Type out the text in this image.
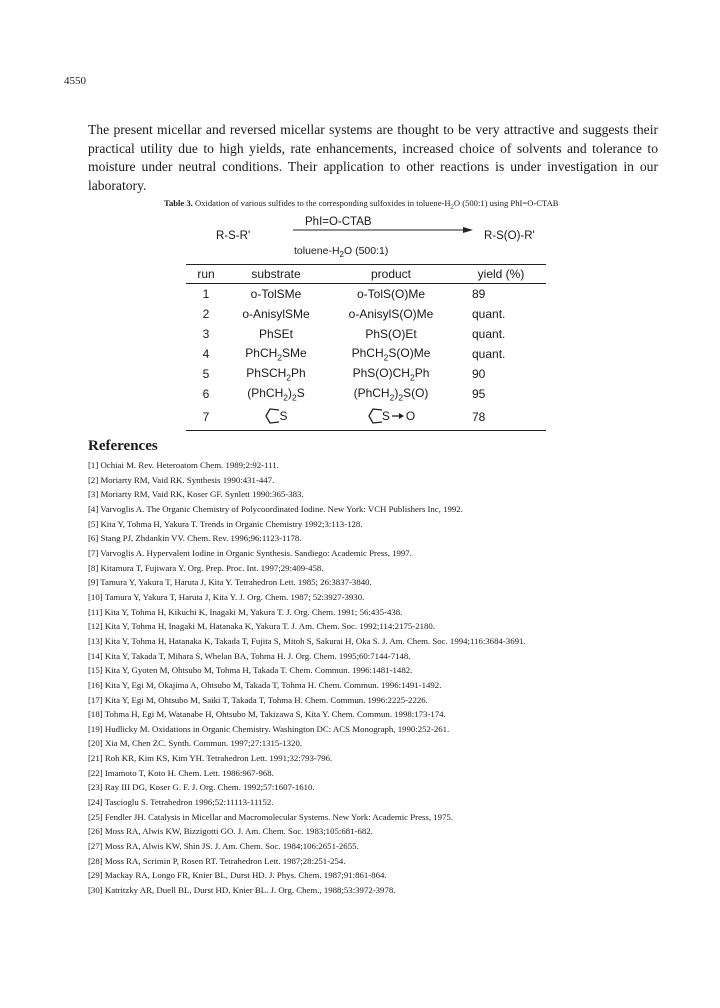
4550

The present micellar and reversed micellar systems are thought to be very attractive and suggests their practical utility due to high yields, rate enhancements, increased choice of solvents and tolerance to moisture under neutral conditions. Their application to other reactions is under investigation in our laboratory.

Table 3. Oxidation of various sulfides to the corresponding sulfoxides in toluene-$H_2O$ (500:1) using PhI=O-CTAB
R-S-R'
PhI=O-CTAB
toluene-$H_2O$ (500:1)
R-S(O)-R'
run	substrate	product	yield (%)
1	o-TolSMe	o-TolS(O)Me	89
2	o-AnisylSMe	o-AnisylS(O)Me	quant.
3	PhSEt	PhS(O)Et	quant.
4	PhCH$_2$SMe	PhCH$_2$S(O)Me	quant.
5	PhSCH$_2$Ph	$PhS(O)CH_2Ph$	90
6	$(PhCH_2)_2S$	$(PhCH_2)_2S(O)$	95
7	S	S O	78
References
[1] Ochiai M. Rev. Heteroatom Chem. 1989;2:92-111.
[2] Moriarty RM, Vaid RK. Synthesis 1990:431-447.
[3] Moriarty RM, Vaid RK, Koser GF. Synlett 1990:365-383.
[4] Varvoglis A. The Organic Chemistry of Polycoordinated Iodine. New York: VCH Publishers Inc, 1992.
[5] Kita Y, Tohma H, Yakura T. Trends in Organic Chemistry 1992;3:113-128.
[6] Stang PJ, Zhdankin VV. Chem. Rev. 1996;96:1123-1178.
[7] Varvoglis A. Hypervalent Iodine in Organic Synthesis. Sandiego: Academic Press, 1997.
[8] Kitamura T, Fujiwara Y. Org. Prep. Proc. Int. 1997;29:409-458.
[9] Tamura Y, Yakura T, Haruta J, Kita Y. Tetrahedron Lett. 1985; 26:3837-3840.
[10] Tamura Y, Yakura T, Haruta J, Kita Y. J. Org. Chem. 1987; 52:3927-3930.
[11] Kita Y, Tohma H, Kikuchi K, Inagaki M, Yakura T. J. Org. Chem. 1991; 56:435-438.
[12] Kita Y, Tohma H, Inagaki M, Hatanaka K, Yakura T. J. Am. Chem. Soc. 1992;114:2175-2180.
[13] Kita Y, Tohma H, Hatanaka K, Takada T, Fujita S, Mitoh S, Sakurai H, Oka S. J. Am. Chem. Soc. 1994;116:3684-3691.
[14] Kita Y, Takada T, Mihara S, Whelan BA, Tohma H. J. Org. Chem. 1995;60:7144-7148.
[15] Kita Y, Gyoten M, Ohtsubo M, Tohma H, Takada T. Chem. Commun. 1996:1481-1482.
[16] Kita Y, Egi M, Okajima A, Ohtsubo M, Takada T, Tohma H. Chem. Commun. 1996:1491-1492.
[17] Kita Y, Egi M, Ohtsubo M, Saiki T, Takada T, Tohma H. Chem. Commun. 1996:2225-2226.
[18] Tohma H, Egi M, Watanabe H, Ohtsubo M, Takizawa S, Kita Y. Chem. Commun. 1998:173-174.
[19] Hudlicky M. Oxidations in Organic Chemistry. Washington DC: ACS Monograph, 1990:252-261.
[20] Xia M, Chen ZC. Synth. Commun. 1997;27:1315-1320.
[21] Roh KR, Kim KS, Kim YH. Tetrahedron Lett. 1991;32:793-796.
[22] Imamoto T, Koto H. Chem. Lett. 1986:967-968.
[23] Ray III DG, Koser G. F. J. Org. Chem. 1992;57:1607-1610.
[24] Tascioglu S. Tetrahedron 1996;52:11113-11152.
[25] Fendler JH. Catalysis in Micellar and Macromolecular Systems. New York: Academic Press, 1975.
[26] Moss RA, Alwis KW, Bizzigotti GO. J. Am. Chem. Soc. 1983;105:681-682.
[27] Moss RA, Alwis KW, Shin JS. J. Am. Chem. Soc. 1984;106:2651-2655.
[28] Moss RA, Scrimin P, Rosen RT. Tetrahedron Lett. 1987;28:251-254.
[29] Mackay RA, Longo FR, Knier BL, Durst HD. J. Phys. Chem. 1987;91:861-864.
[30] Katritzky AR, Duell BL, Durst HD, Knier BL. J. Org. Chem., 1988;53:3972-3978.
